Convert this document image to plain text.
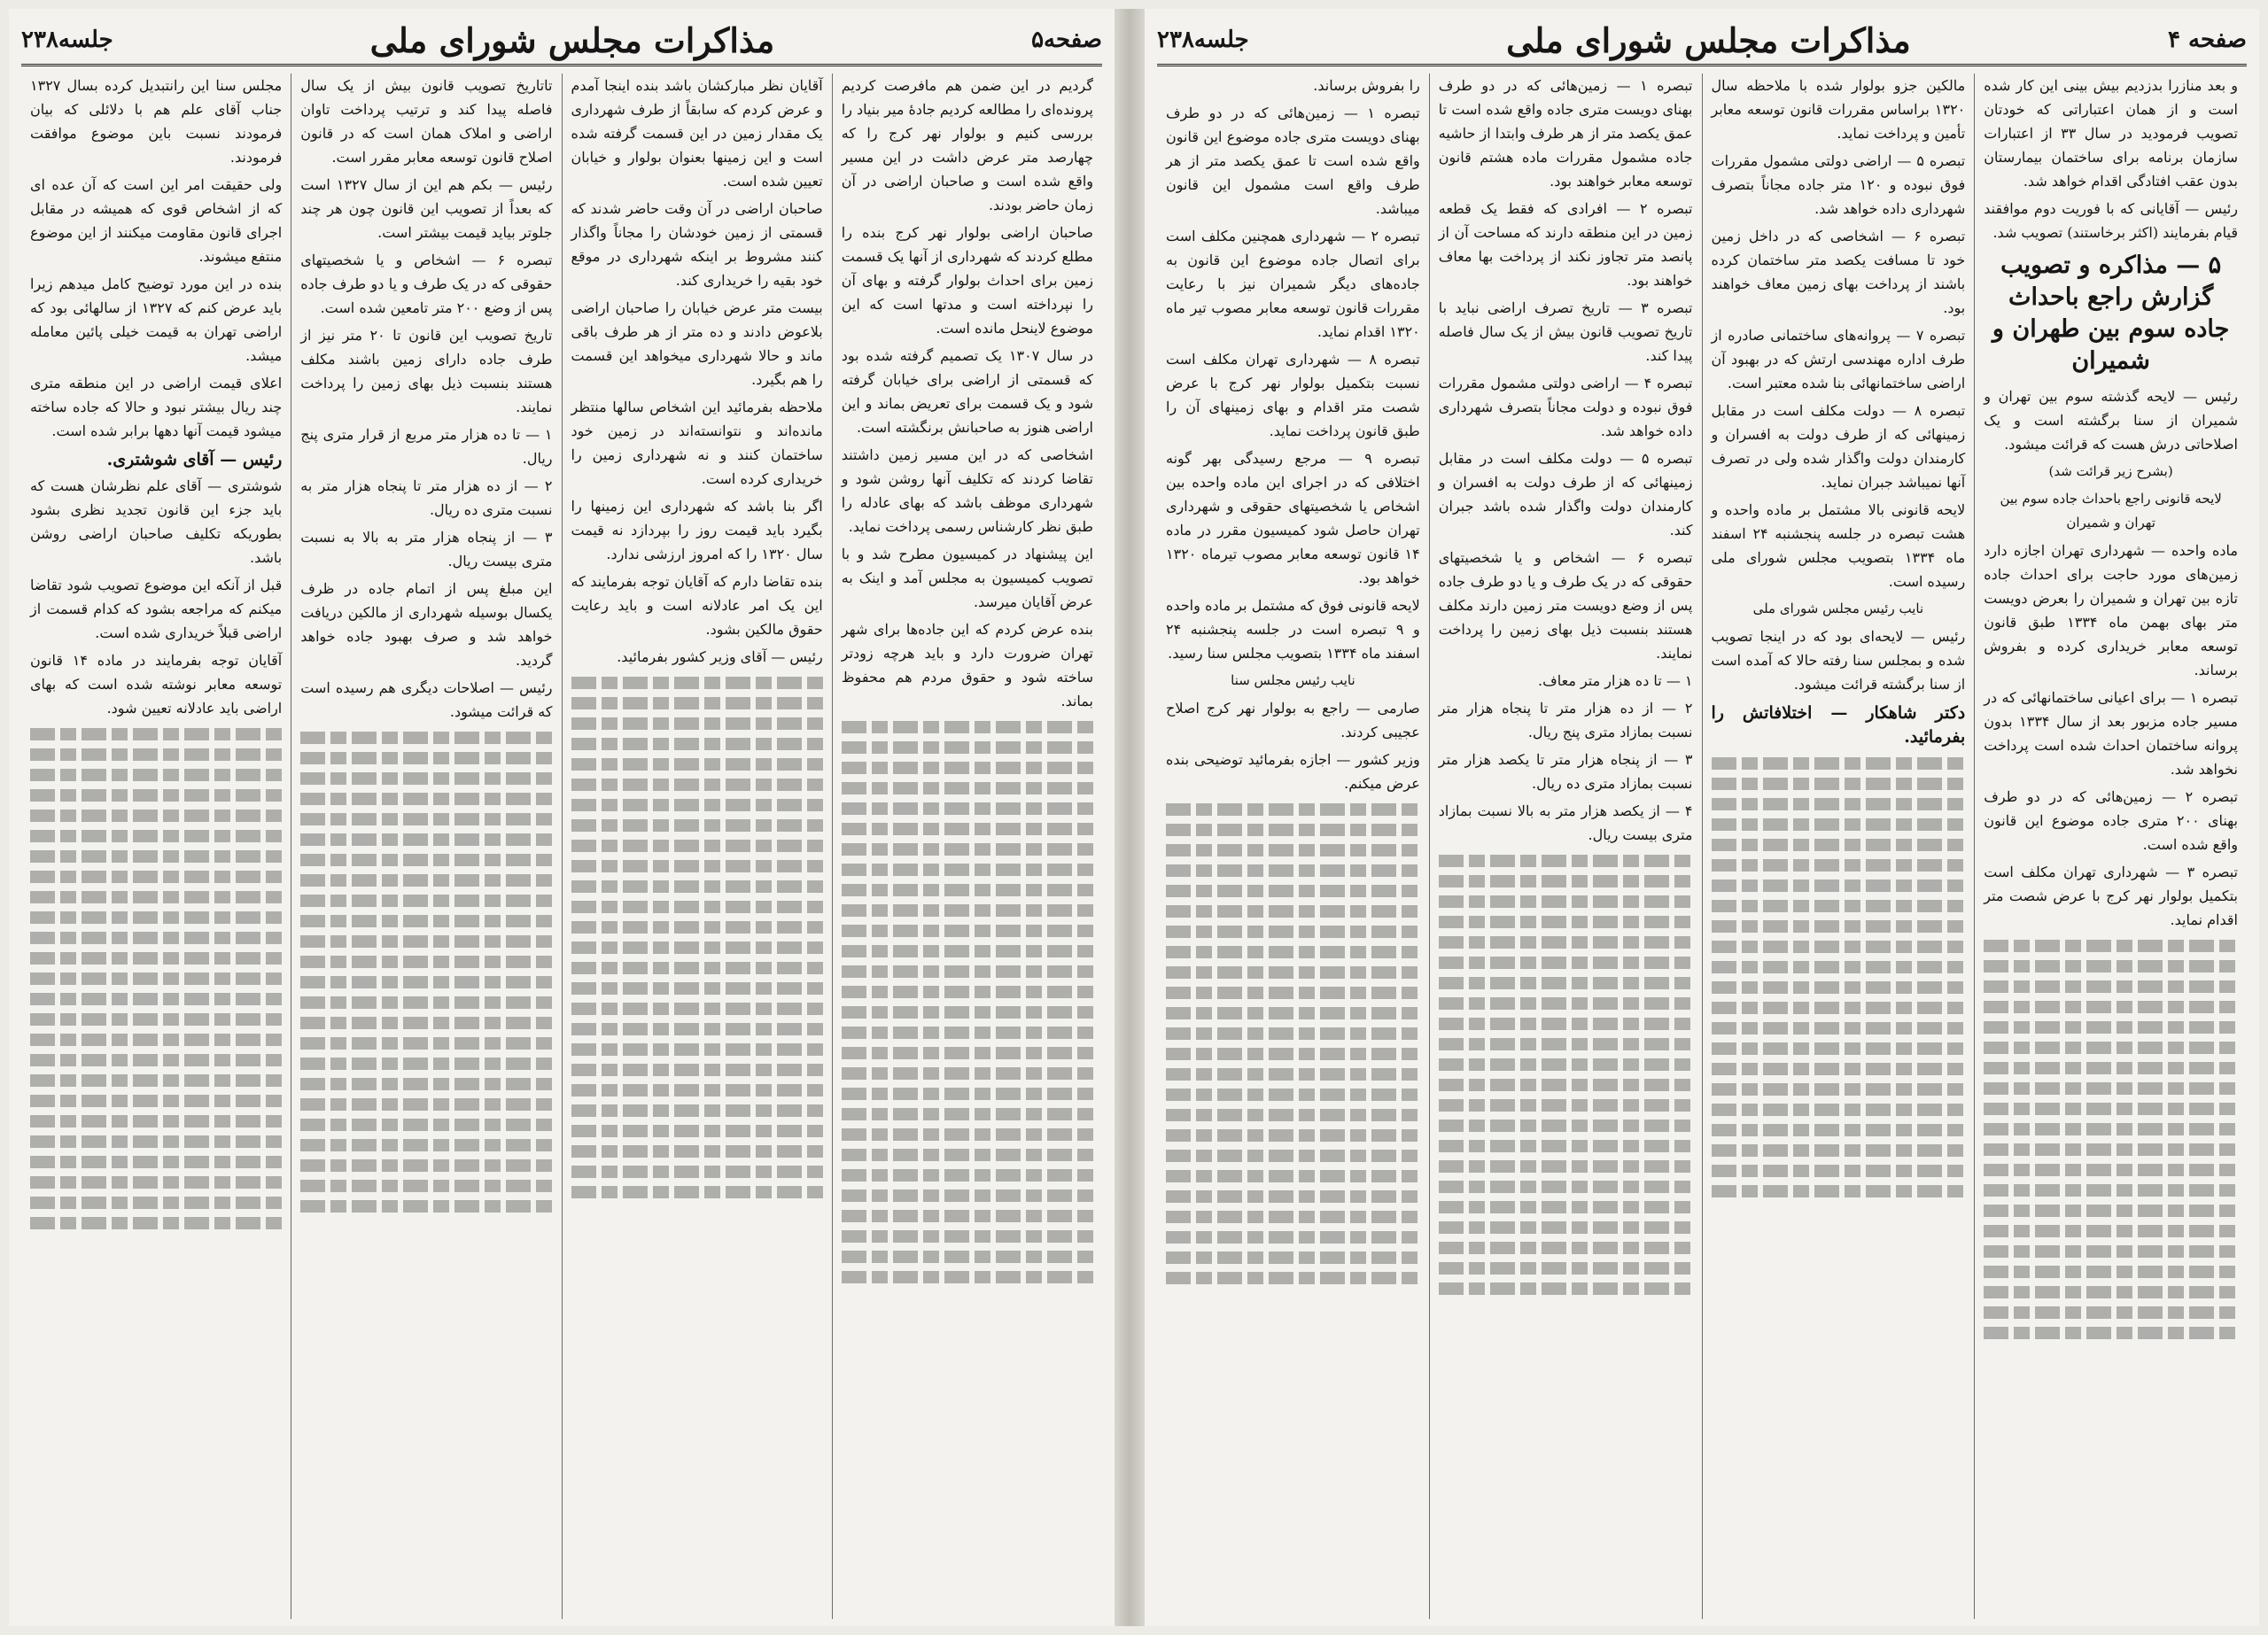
صفحه۵
مذاکرات مجلس شورای ملی
جلسه۲۳۸

گردیم در این ضمن هم مافرصت کردیم پرونده‌ای را مطالعه کردیم جادهٔ میر بنیاد را بررسی کنیم و بولوار نهر کرج را که چهارصد متر عرض داشت در این مسیر واقع شده است و صاحبان اراضی در آن زمان حاضر بودند.

صاحبان اراضی بولوار نهر کرج بنده را مطلع کردند که شهرداری از آنها یک قسمت زمین برای احداث بولوار گرفته و بهای آن را نپرداخته است و مدتها است که این موضوع لاینحل مانده است.

در سال ۱۳۰۷ یک تصمیم گرفته شده بود که قسمتی از اراضی برای خیابان گرفته شود و یک قسمت برای تعریض بماند و این اراضی هنوز به صاحبانش برنگشته است.

اشخاصی که در این مسیر زمین داشتند تقاضا کردند که تکلیف آنها روشن شود و شهرداری موظف باشد که بهای عادله را طبق نظر کارشناس رسمی پرداخت نماید.

این پیشنهاد در کمیسیون مطرح شد و با تصویب کمیسیون به مجلس آمد و اینک به عرض آقایان میرسد.

بنده عرض کردم که این جاده‌ها برای شهر تهران ضرورت دارد و باید هرچه زودتر ساخته شود و حقوق مردم هم محفوظ بماند.

آقایان نظر مبارکشان باشد بنده اینجا آمدم و عرض کردم که سابقاً از طرف شهرداری یک مقدار زمین در این قسمت گرفته شده است و این زمینها بعنوان بولوار و خیابان تعیین شده است.

صاحبان اراضی در آن وقت حاضر شدند که قسمتی از زمین خودشان را مجاناً واگذار کنند مشروط بر اینکه شهرداری در موقع خود بقیه را خریداری کند.

بیست متر عرض خیابان را صاحبان اراضی بلاعوض دادند و ده متر از هر طرف باقی ماند و حالا شهرداری میخواهد این قسمت را هم بگیرد.

ملاحظه بفرمائید این اشخاص سالها منتظر مانده‌اند و نتوانسته‌اند در زمین خود ساختمان کنند و نه شهرداری زمین را خریداری کرده است.

اگر بنا باشد که شهرداری این زمینها را بگیرد باید قیمت روز را بپردازد نه قیمت سال ۱۳۲۰ را که امروز ارزشی ندارد.

بنده تقاضا دارم که آقایان توجه بفرمایند که این یک امر عادلانه است و باید رعایت حقوق مالکین بشود.

رئیس — آقای وزیر کشور بفرمائید.

تاتاریخ تصویب قانون بیش از یک سال فاصله پیدا کند و ترتیب پرداخت تاوان اراضی و املاک همان است که در قانون اصلاح قانون توسعه معابر مقرر است.

رئیس — بکم هم این از سال ۱۳۲۷ است که بعداً از تصویب این قانون چون هر چند جلوتر بیاید قیمت بیشتر است.

تبصره ۶ — اشخاص و یا شخصیتهای حقوقی که در یک طرف و یا دو طرف جاده پس از وضع ۲۰۰ متر تامعین شده است.

تاریخ تصویب این قانون تا ۲۰ متر نیز از طرف جاده دارای زمین باشند مکلف هستند بنسبت ذیل بهای زمین را پرداخت نمایند.

۱ — تا ده هزار متر مربع از قرار متری پنج ریال.

۲ — از ده هزار متر تا پنجاه هزار متر به نسبت متری ده ریال.

۳ — از پنجاه هزار متر به بالا به نسبت متری بیست ریال.

این مبلغ پس از اتمام جاده در ظرف یکسال بوسیله شهرداری از مالکین دریافت خواهد شد و صرف بهبود جاده خواهد گردید.

رئیس — اصلاحات دیگری هم رسیده است که قرائت میشود.

مجلس سنا این رانتبدیل کرده بسال ۱۳۲۷ جناب آقای علم هم با دلائلی که بیان فرمودند نسبت باین موضوع موافقت فرمودند.

ولی حقیقت امر این است که آن عده ای که از اشخاص قوی که همیشه در مقابل اجرای قانون مقاومت میکنند از این موضوع منتفع میشوند.

بنده در این مورد توضیح کامل میدهم زیرا باید عرض کنم که ۱۳۲۷ از سالهائی بود که اراضی تهران به قیمت خیلی پائین معامله میشد.

اعلای قیمت اراضی در این منطقه متری چند ریال بیشتر نبود و حالا که جاده ساخته میشود قیمت آنها دهها برابر شده است.

رئیس — آقای شوشتری.

شوشتری — آقای علم نظرشان هست که باید جزء این قانون تجدید نظری بشود بطوریکه تکلیف صاحبان اراضی روشن باشد.

قبل از آنکه این موضوع تصویب شود تقاضا میکنم که مراجعه بشود که کدام قسمت از اراضی قبلاً خریداری شده است.

آقایان توجه بفرمایند در ماده ۱۴ قانون توسعه معابر نوشته شده است که بهای اراضی باید عادلانه تعیین شود.

صفحه ۴
مذاکرات مجلس شورای ملی
جلسه۲۳۸

و بعد منازرا بدزدیم بیش بینی این کار شده است و از همان اعتباراتی که خودتان تصویب فرمودید در سال ۳۳ از اعتبارات سازمان برنامه برای ساختمان بیمارستان بدون عقب افتادگی اقدام خواهد شد.

رئیس — آقایانی که با فوریت دوم موافقند قیام بفرمایند (اکثر برخاستند) تصویب شد.

۵ — مذاکره و تصویب گزارش راجع باحداث جاده سوم بین طهران و شمیران

رئیس — لایحه گذشته سوم بین تهران و شمیران از سنا برگشته است و یک اصلاحاتی درش هست که قرائت میشود.

(بشرح زیر قرائت شد)
لایحه قانونی راجع باحداث جاده سوم بین تهران و شمیران

ماده واحده — شهرداری تهران اجازه دارد زمین‌های مورد حاجت برای احداث جاده تازه بین تهران و شمیران را بعرض دویست متر بهای بهمن ماه ۱۳۳۴ طبق قانون توسعه معابر خریداری کرده و بفروش برساند.

تبصره ۱ — برای اعیانی ساختمانهائی که در مسیر جاده مزبور بعد از سال ۱۳۳۴ بدون پروانه ساختمان احداث شده است پرداخت نخواهد شد.

تبصره ۲ — زمین‌هائی که در دو طرف بهنای ۲۰۰ متری جاده موضوع این قانون واقع شده است.

تبصره ۳ — شهرداری تهران مکلف است بتکمیل بولوار نهر کرج با عرض شصت متر اقدام نماید.

مالکین جزو بولوار شده با ملاحظه سال ۱۳۲۰ براساس مقررات قانون توسعه معابر تأمین و پرداخت نماید.

تبصره ۵ — اراضی دولتی مشمول مقررات فوق نبوده و ۱۲۰ متر جاده مجاناً بتصرف شهرداری داده خواهد شد.

تبصره ۶ — اشخاصی که در داخل زمین خود تا مسافت یکصد متر ساختمان کرده باشند از پرداخت بهای زمین معاف خواهند بود.

تبصره ۷ — پروانه‌های ساختمانی صادره از طرف اداره مهندسی ارتش که در بهبود آن اراضی ساختمانهائی بنا شده معتبر است.

تبصره ۸ — دولت مکلف است در مقابل زمینهائی که از طرف دولت به افسران و کارمندان دولت واگذار شده ولی در تصرف آنها نمیباشد جبران نماید.

لایحه قانونی بالا مشتمل بر ماده واحده و هشت تبصره در جلسه پنجشنبه ۲۴ اسفند ماه ۱۳۳۴ بتصویب مجلس شورای ملی رسیده است.

نایب رئیس مجلس شورای ملی

رئیس — لایحه‌ای بود که در اینجا تصویب شده و بمجلس سنا رفته حالا که آمده است از سنا برگشته قرائت میشود.

دکتر شاهکار — اختلافاتش را بفرمائید.

تبصره ۱ — زمین‌هائی که در دو طرف بهنای دویست متری جاده واقع شده است تا عمق یکصد متر از هر طرف وابتدا از حاشیه جاده مشمول مقررات ماده هشتم قانون توسعه معابر خواهند بود.

تبصره ۲ — افرادی که فقط یک قطعه زمین در این منطقه دارند که مساحت آن از پانصد متر تجاوز نکند از پرداخت بها معاف خواهند بود.

تبصره ۳ — تاریخ تصرف اراضی نباید با تاریخ تصویب قانون بیش از یک سال فاصله پیدا کند.

تبصره ۴ — اراضی دولتی مشمول مقررات فوق نبوده و دولت مجاناً بتصرف شهرداری داده خواهد شد.

تبصره ۵ — دولت مکلف است در مقابل زمینهائی که از طرف دولت به افسران و کارمندان دولت واگذار شده باشد جبران کند.

تبصره ۶ — اشخاص و یا شخصیتهای حقوقی که در یک طرف و یا دو طرف جاده پس از وضع دویست متر زمین دارند مکلف هستند بنسبت ذیل بهای زمین را پرداخت نمایند.

۱ — تا ده هزار متر معاف.

۲ — از ده هزار متر تا پنجاه هزار متر نسبت بمازاد متری پنج ریال.

۳ — از پنجاه هزار متر تا یکصد هزار متر نسبت بمازاد متری ده ریال.

۴ — از یکصد هزار متر به بالا نسبت بمازاد متری بیست ریال.

را بفروش برساند.

تبصره ۱ — زمین‌هائی که در دو طرف بهنای دویست متری جاده موضوع این قانون واقع شده است تا عمق یکصد متر از هر طرف واقع است مشمول این قانون میباشد.

تبصره ۲ — شهرداری همچنین مکلف است برای اتصال جاده موضوع این قانون به جاده‌های دیگر شمیران نیز با رعایت مقررات قانون توسعه معابر مصوب تیر ماه ۱۳۲۰ اقدام نماید.

تبصره ۸ — شهرداری تهران مکلف است نسبت بتکمیل بولوار نهر کرج با عرض شصت متر اقدام و بهای زمینهای آن را طبق قانون پرداخت نماید.

تبصره ۹ — مرجع رسیدگی بهر گونه اختلافی که در اجرای این ماده واحده بین اشخاص یا شخصیتهای حقوقی و شهرداری تهران حاصل شود کمیسیون مقرر در ماده ۱۴ قانون توسعه معابر مصوب تیرماه ۱۳۲۰ خواهد بود.

لایحه قانونی فوق که مشتمل بر ماده واحده و ۹ تبصره است در جلسه پنجشنبه ۲۴ اسفند ماه ۱۳۳۴ بتصویب مجلس سنا رسید.

نایب رئیس مجلس سنا

صارمی — راجع به بولوار نهر کرج اصلاح عجیبی کردند.

وزیر کشور — اجازه بفرمائید توضیحی بنده عرض میکنم.
